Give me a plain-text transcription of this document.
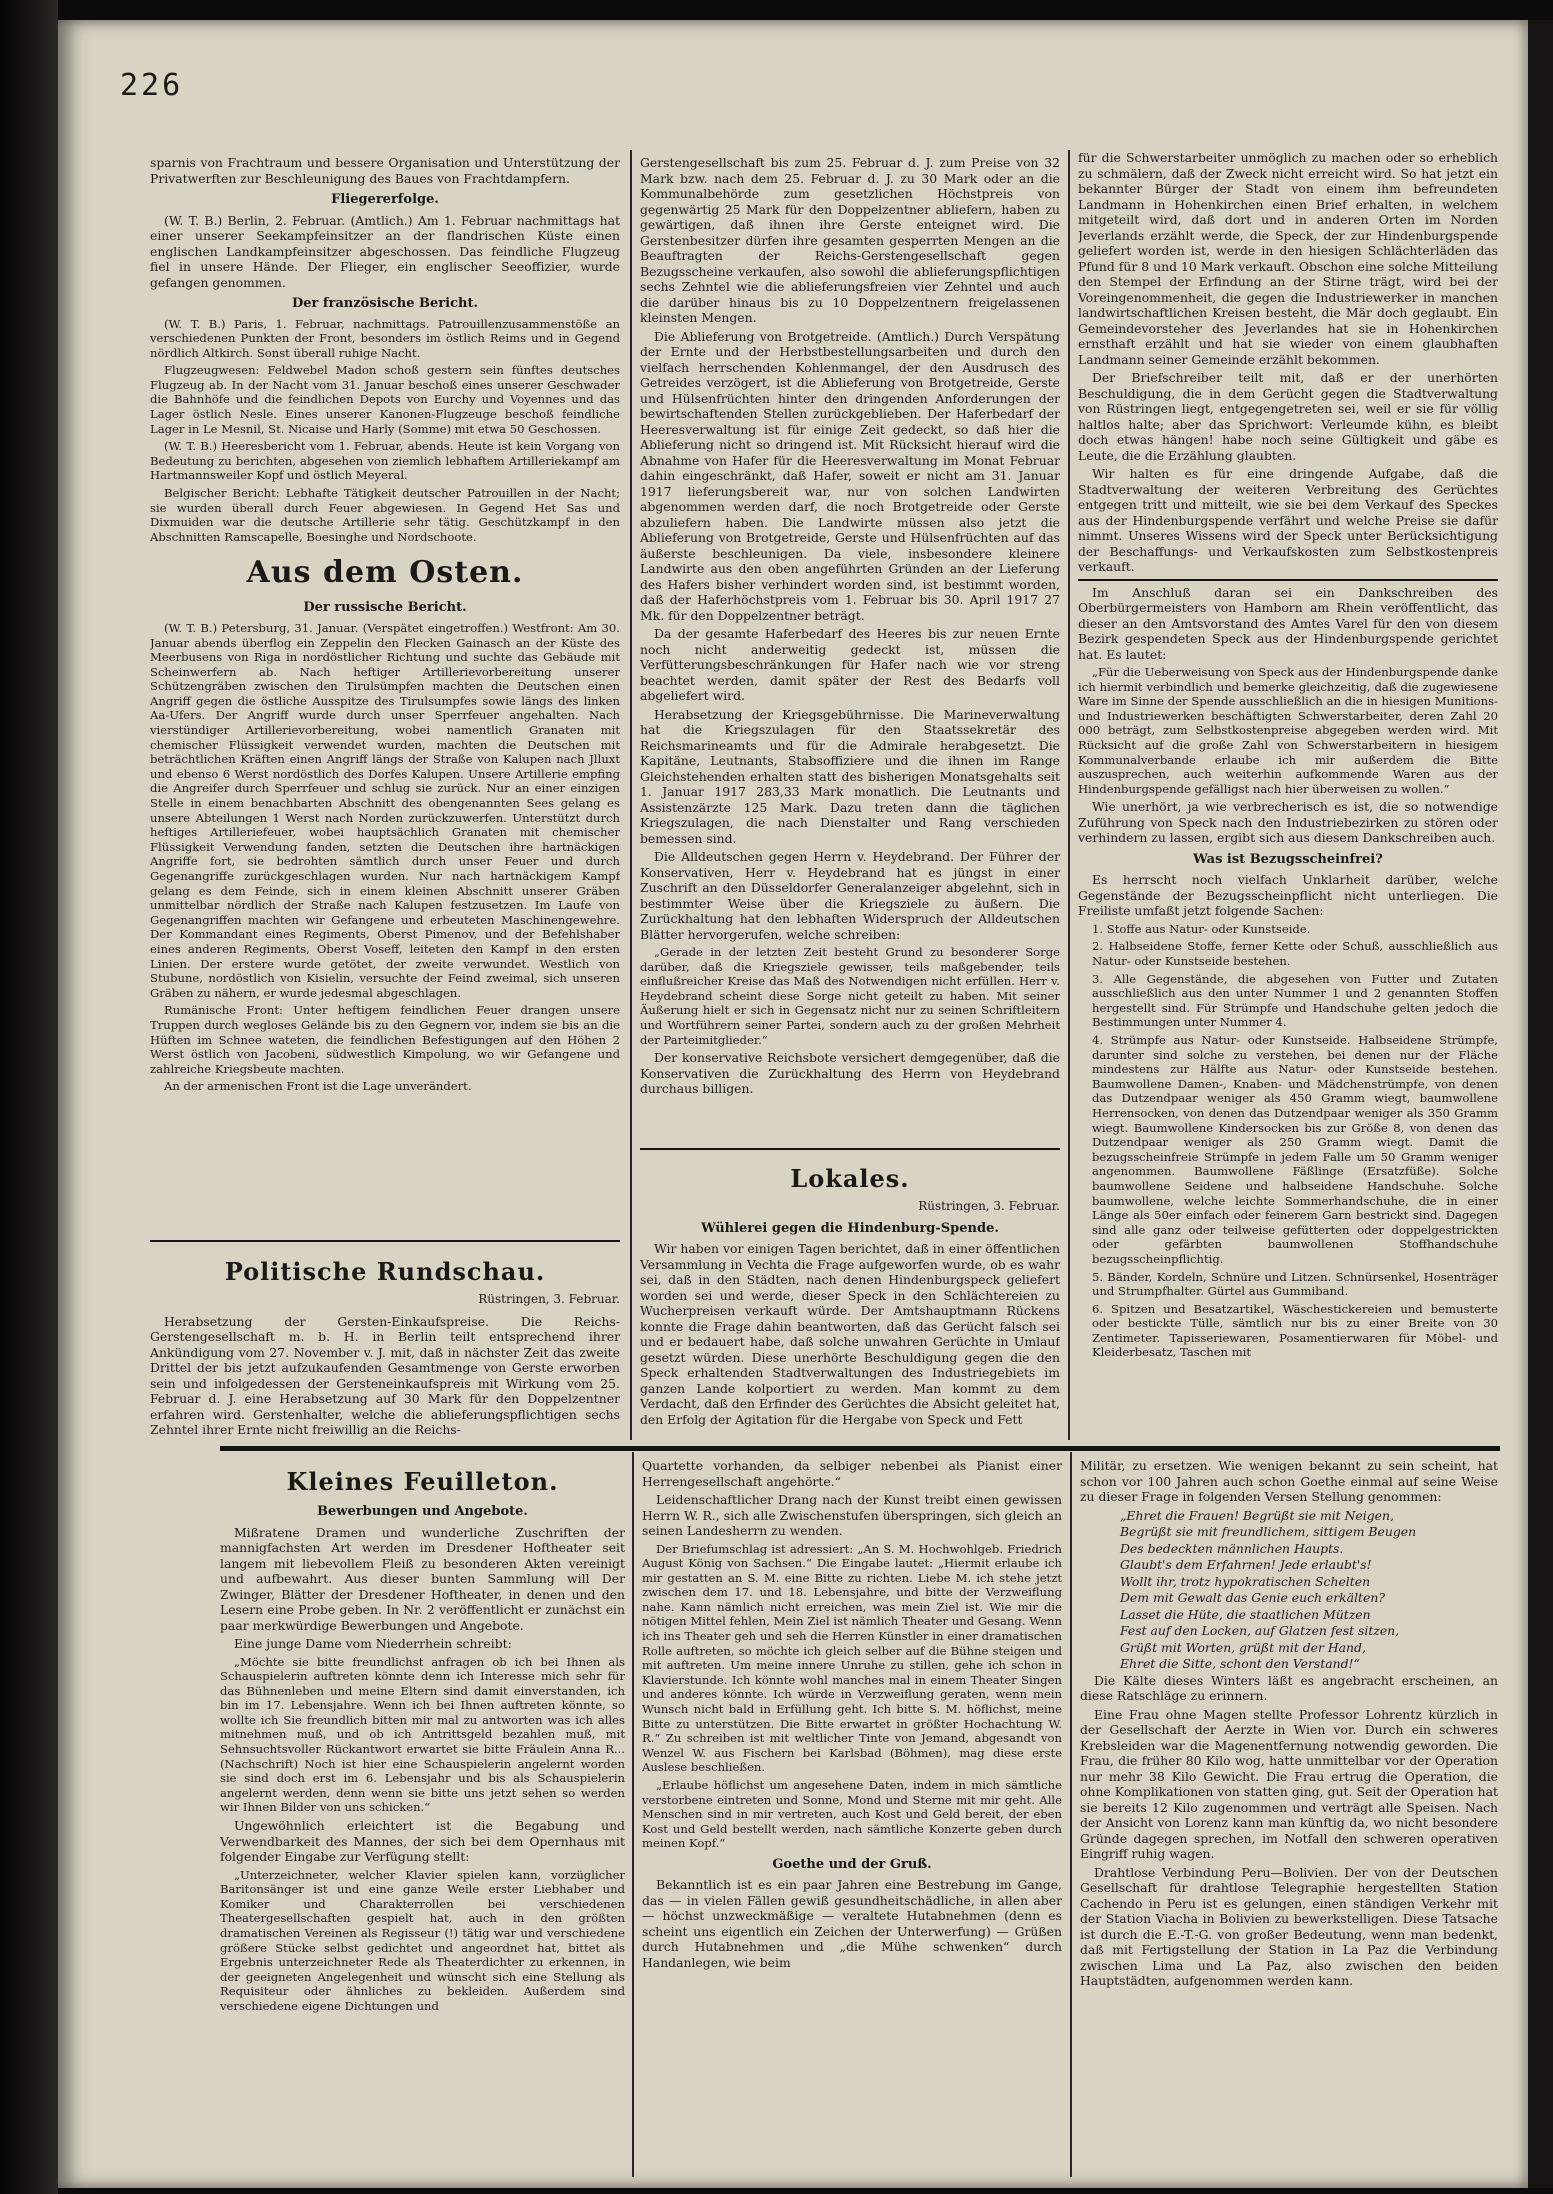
226

sparnis von Frachtraum und bessere Organisation und Unterstützung der Privatwerften zur Beschleunigung des Baues von Frachtdampfern.

Fliegererfolge.

(W. T. B.) Berlin, 2. Februar. (Amtlich.) Am 1. Februar nachmittags hat einer unserer Seekampfeinsitzer an der flandrischen Küste einen englischen Landkampfeinsitzer abgeschossen. Das feindliche Flugzeug fiel in unsere Hände. Der Flieger, ein englischer Seeoffizier, wurde gefangen genommen.

Der französische Bericht.

(W. T. B.) Paris, 1. Februar, nachmittags. Patrouillenzusammenstöße an verschiedenen Punkten der Front, besonders im östlich Reims und in Gegend nördlich Altkirch. Sonst überall ruhige Nacht.

Flugzeugwesen: Feldwebel Madon schoß gestern sein fünftes deutsches Flugzeug ab. In der Nacht vom 31. Januar beschoß eines unserer Geschwader die Bahnhöfe und die feindlichen Depots von Eurchy und Voyennes und das Lager östlich Nesle. Eines unserer Kanonen-Flugzeuge beschoß feindliche Lager in Le Mesnil, St. Nicaise und Harly (Somme) mit etwa 50 Geschossen.

(W. T. B.) Heeresbericht vom 1. Februar, abends. Heute ist kein Vorgang von Bedeutung zu berichten, abgesehen von ziemlich lebhaftem Artilleriekampf am Hartmannsweiler Kopf und östlich Meyeral.

Belgischer Bericht: Lebhafte Tätigkeit deutscher Patrouillen in der Nacht; sie wurden überall durch Feuer abgewiesen. In Gegend Het Sas und Dixmuiden war die deutsche Artillerie sehr tätig. Geschützkampf in den Abschnitten Ramscapelle, Boesinghe und Nordschoote.

Aus dem Osten.
Der russische Bericht.

(W. T. B.) Petersburg, 31. Januar. (Verspätet eingetroffen.) Westfront: Am 30. Januar abends überflog ein Zeppelin den Flecken Gainasch an der Küste des Meerbusens von Riga in nordöstlicher Richtung und suchte das Gebäude mit Scheinwerfern ab. Nach heftiger Artillerievorbereitung unserer Schützengräben zwischen den Tirulsümpfen machten die Deutschen einen Angriff gegen die östliche Ausspitze des Tirulsumpfes sowie längs des linken Aa-Ufers. Der Angriff wurde durch unser Sperrfeuer angehalten. Nach vierstündiger Artillerievorbereitung, wobei namentlich Granaten mit chemischer Flüssigkeit verwendet wurden, machten die Deutschen mit beträchtlichen Kräften einen Angriff längs der Straße von Kalupen nach Jlluxt und ebenso 6 Werst nordöstlich des Dorfes Kalupen. Unsere Artillerie empfing die Angreifer durch Sperrfeuer und schlug sie zurück. Nur an einer einzigen Stelle in einem benachbarten Abschnitt des obengenannten Sees gelang es unsere Abteilungen 1 Werst nach Norden zurückzuwerfen. Unterstützt durch heftiges Artilleriefeuer, wobei hauptsächlich Granaten mit chemischer Flüssigkeit Verwendung fanden, setzten die Deutschen ihre hartnäckigen Angriffe fort, sie bedrohten sämtlich durch unser Feuer und durch Gegenangriffe zurückgeschlagen wurden. Nur nach hartnäckigem Kampf gelang es dem Feinde, sich in einem kleinen Abschnitt unserer Gräben unmittelbar nördlich der Straße nach Kalupen festzusetzen. Im Laufe von Gegenangriffen machten wir Gefangene und erbeuteten Maschinengewehre. Der Kommandant eines Regiments, Oberst Pimenov, und der Befehlshaber eines anderen Regiments, Oberst Voseff, leiteten den Kampf in den ersten Linien. Der erstere wurde getötet, der zweite verwundet. Westlich von Stubune, nordöstlich von Kisielin, versuchte der Feind zweimal, sich unseren Gräben zu nähern, er wurde jedesmal abgeschlagen.

Rumänische Front: Unter heftigem feindlichen Feuer drangen unsere Truppen durch wegloses Gelände bis zu den Gegnern vor, indem sie bis an die Hüften im Schnee wateten, die feindlichen Befestigungen auf den Höhen 2 Werst östlich von Jacobeni, südwestlich Kimpolung, wo wir Gefangene und zahlreiche Kriegsbeute machten.

An der armenischen Front ist die Lage unverändert.

Politische Rundschau.
Rüstringen, 3. Februar.

Herabsetzung der Gersten-Einkaufspreise. Die Reichs-Gerstengesellschaft m. b. H. in Berlin teilt entsprechend ihrer Ankündigung vom 27. November v. J. mit, daß in nächster Zeit das zweite Drittel der bis jetzt aufzukaufenden Gesamtmenge von Gerste erworben sein und infolgedessen der Gersteneinkaufspreis mit Wirkung vom 25. Februar d. J. eine Herabsetzung auf 30 Mark für den Doppelzentner erfahren wird. Gerstenhalter, welche die ablieferungspflichtigen sechs Zehntel ihrer Ernte nicht freiwillig an die Reichs-

Gerstengesellschaft bis zum 25. Februar d. J. zum Preise von 32 Mark bzw. nach dem 25. Februar d. J. zu 30 Mark oder an die Kommunalbehörde zum gesetzlichen Höchstpreis von gegenwärtig 25 Mark für den Doppelzentner abliefern, haben zu gewärtigen, daß ihnen ihre Gerste enteignet wird. Die Gerstenbesitzer dürfen ihre gesamten gesperrten Mengen an die Beauftragten der Reichs-Gerstengesellschaft gegen Bezugsscheine verkaufen, also sowohl die ablieferungspflichtigen sechs Zehntel wie die ablieferungsfreien vier Zehntel und auch die darüber hinaus bis zu 10 Doppelzentnern freigelassenen kleinsten Mengen.

Die Ablieferung von Brotgetreide. (Amtlich.) Durch Verspätung der Ernte und der Herbstbestellungsarbeiten und durch den vielfach herrschenden Kohlenmangel, der den Ausdrusch des Getreides verzögert, ist die Ablieferung von Brotgetreide, Gerste und Hülsenfrüchten hinter den dringenden Anforderungen der bewirtschaftenden Stellen zurückgeblieben. Der Haferbedarf der Heeresverwaltung ist für einige Zeit gedeckt, so daß hier die Ablieferung nicht so dringend ist. Mit Rücksicht hierauf wird die Abnahme von Hafer für die Heeresverwaltung im Monat Februar dahin eingeschränkt, daß Hafer, soweit er nicht am 31. Januar 1917 lieferungsbereit war, nur von solchen Landwirten abgenommen werden darf, die noch Brotgetreide oder Gerste abzuliefern haben. Die Landwirte müssen also jetzt die Ablieferung von Brotgetreide, Gerste und Hülsenfrüchten auf das äußerste beschleunigen. Da viele, insbesondere kleinere Landwirte aus den oben angeführten Gründen an der Lieferung des Hafers bisher verhindert worden sind, ist bestimmt worden, daß der Haferhöchstpreis vom 1. Februar bis 30. April 1917 27 Mk. für den Doppelzentner beträgt.

Da der gesamte Haferbedarf des Heeres bis zur neuen Ernte noch nicht anderweitig gedeckt ist, müssen die Verfütterungsbeschränkungen für Hafer nach wie vor streng beachtet werden, damit später der Rest des Bedarfs voll abgeliefert wird.

Herabsetzung der Kriegsgebührnisse. Die Marineverwaltung hat die Kriegszulagen für den Staatssekretär des Reichsmarineamts und für die Admirale herabgesetzt. Die Kapitäne, Leutnants, Stabsoffiziere und die ihnen im Range Gleichstehenden erhalten statt des bisherigen Monatsgehalts seit 1. Januar 1917 283,33 Mark monatlich. Die Leutnants und Assistenzärzte 125 Mark. Dazu treten dann die täglichen Kriegszulagen, die nach Dienstalter und Rang verschieden bemessen sind.

Die Alldeutschen gegen Herrn v. Heydebrand. Der Führer der Konservativen, Herr v. Heydebrand hat es jüngst in einer Zuschrift an den Düsseldorfer Generalanzeiger abgelehnt, sich in bestimmter Weise über die Kriegsziele zu äußern. Die Zurückhaltung hat den lebhaften Widerspruch der Alldeutschen Blätter hervorgerufen, welche schreiben:

„Gerade in der letzten Zeit besteht Grund zu besonderer Sorge darüber, daß die Kriegsziele gewisser, teils maßgebender, teils einflußreicher Kreise das Maß des Notwendigen nicht erfüllen. Herr v. Heydebrand scheint diese Sorge nicht geteilt zu haben. Mit seiner Äußerung hielt er sich in Gegensatz nicht nur zu seinen Schriftleitern und Wortführern seiner Partei, sondern auch zu der großen Mehrheit der Parteimitglieder.“

Der konservative Reichsbote versichert demgegenüber, daß die Konservativen die Zurückhaltung des Herrn von Heydebrand durchaus billigen.

Lokales.
Rüstringen, 3. Februar.
Wühlerei gegen die Hindenburg-Spende.

Wir haben vor einigen Tagen berichtet, daß in einer öffentlichen Versammlung in Vechta die Frage aufgeworfen wurde, ob es wahr sei, daß in den Städten, nach denen Hindenburgspeck geliefert worden sei und werde, dieser Speck in den Schlächtereien zu Wucherpreisen verkauft würde. Der Amtshauptmann Rückens konnte die Frage dahin beantworten, daß das Gerücht falsch sei und er bedauert habe, daß solche unwahren Gerüchte in Umlauf gesetzt würden. Diese unerhörte Beschuldigung gegen die den Speck erhaltenden Stadtverwaltungen des Industriegebiets im ganzen Lande kolportiert zu werden. Man kommt zu dem Verdacht, daß den Erfinder des Gerüchtes die Absicht geleitet hat, den Erfolg der Agitation für die Hergabe von Speck und Fett

für die Schwerstarbeiter unmöglich zu machen oder so erheblich zu schmälern, daß der Zweck nicht erreicht wird. So hat jetzt ein bekannter Bürger der Stadt von einem ihm befreundeten Landmann in Hohenkirchen einen Brief erhalten, in welchem mitgeteilt wird, daß dort und in anderen Orten im Norden Jeverlands erzählt werde, die Speck, der zur Hindenburgspende geliefert worden ist, werde in den hiesigen Schlächterläden das Pfund für 8 und 10 Mark verkauft. Obschon eine solche Mitteilung den Stempel der Erfindung an der Stirne trägt, wird bei der Voreingenommenheit, die gegen die Industriewerker in manchen landwirtschaftlichen Kreisen besteht, die Mär doch geglaubt. Ein Gemeindevorsteher des Jeverlandes hat sie in Hohenkirchen ernsthaft erzählt und hat sie wieder von einem glaubhaften Landmann seiner Gemeinde erzählt bekommen.

Der Briefschreiber teilt mit, daß er der unerhörten Beschuldigung, die in dem Gerücht gegen die Stadtverwaltung von Rüstringen liegt, entgegengetreten sei, weil er sie für völlig haltlos halte; aber das Sprichwort: Verleumde kühn, es bleibt doch etwas hängen! habe noch seine Gültigkeit und gäbe es Leute, die die Erzählung glaubten.

Wir halten es für eine dringende Aufgabe, daß die Stadtverwaltung der weiteren Verbreitung des Gerüchtes entgegen tritt und mitteilt, wie sie bei dem Verkauf des Speckes aus der Hindenburgspende verfährt und welche Preise sie dafür nimmt. Unseres Wissens wird der Speck unter Berücksichtigung der Beschaffungs- und Verkaufskosten zum Selbstkostenpreis verkauft.

Im Anschluß daran sei ein Dankschreiben des Oberbürgermeisters von Hamborn am Rhein veröffentlicht, das dieser an den Amtsvorstand des Amtes Varel für den von diesem Bezirk gespendeten Speck aus der Hindenburgspende gerichtet hat. Es lautet:

„Für die Ueberweisung von Speck aus der Hindenburgspende danke ich hiermit verbindlich und bemerke gleichzeitig, daß die zugewiesene Ware im Sinne der Spende ausschließlich an die in hiesigen Munitions- und Industriewerken beschäftigten Schwerstarbeiter, deren Zahl 20 000 beträgt, zum Selbstkostenpreise abgegeben werden wird. Mit Rücksicht auf die große Zahl von Schwerstarbeitern in hiesigem Kommunalverbande erlaube ich mir außerdem die Bitte auszusprechen, auch weiterhin aufkommende Waren aus der Hindenburgspende gefälligst nach hier überweisen zu wollen.“

Wie unerhört, ja wie verbrecherisch es ist, die so notwendige Zuführung von Speck nach den Industriebezirken zu stören oder verhindern zu lassen, ergibt sich aus diesem Dankschreiben auch.

Was ist Bezugsscheinfrei?

Es herrscht noch vielfach Unklarheit darüber, welche Gegenstände der Bezugsscheinpflicht nicht unterliegen. Die Freiliste umfaßt jetzt folgende Sachen:

1. Stoffe aus Natur- oder Kunstseide.

2. Halbseidene Stoffe, ferner Kette oder Schuß, ausschließlich aus Natur- oder Kunstseide bestehen.

3. Alle Gegenstände, die abgesehen von Futter und Zutaten ausschließlich aus den unter Nummer 1 und 2 genannten Stoffen hergestellt sind. Für Strümpfe und Handschuhe gelten jedoch die Bestimmungen unter Nummer 4.

4. Strümpfe aus Natur- oder Kunstseide. Halbseidene Strümpfe, darunter sind solche zu verstehen, bei denen nur der Fläche mindestens zur Hälfte aus Natur- oder Kunstseide bestehen. Baumwollene Damen-, Knaben- und Mädchenstrümpfe, von denen das Dutzendpaar weniger als 450 Gramm wiegt, baumwollene Herrensocken, von denen das Dutzendpaar weniger als 350 Gramm wiegt. Baumwollene Kindersocken bis zur Größe 8, von denen das Dutzendpaar weniger als 250 Gramm wiegt. Damit die bezugsscheinfreie Strümpfe in jedem Falle um 50 Gramm weniger angenommen. Baumwollene Fäßlinge (Ersatzfüße). Solche baumwollene Seidene und halbseidene Handschuhe. Solche baumwollene, welche leichte Sommerhandschuhe, die in einer Länge als 50er einfach oder feinerem Garn bestrickt sind. Dagegen sind alle ganz oder teilweise gefütterten oder doppelgestrickten oder gefärbten baumwollenen Stoffhandschuhe bezugsscheinpflichtig.

5. Bänder, Kordeln, Schnüre und Litzen. Schnürsenkel, Hosenträger und Strumpfhalter. Gürtel aus Gummiband.

6. Spitzen und Besatzartikel, Wäschestickereien und bemusterte oder bestickte Tülle, sämtlich nur bis zu einer Breite von 30 Zentimeter. Tapisseriewaren, Posamentierwaren für Möbel- und Kleiderbesatz, Taschen mit

Kleines Feuilleton.
Bewerbungen und Angebote.

Mißratene Dramen und wunderliche Zuschriften der mannigfachsten Art werden im Dresdener Hoftheater seit langem mit liebevollem Fleiß zu besonderen Akten vereinigt und aufbewahrt. Aus dieser bunten Sammlung will Der Zwinger, Blätter der Dresdener Hoftheater, in denen und den Lesern eine Probe geben. In Nr. 2 veröffentlicht er zunächst ein paar merkwürdige Bewerbungen und Angebote.

Eine junge Dame vom Niederrhein schreibt:

„Möchte sie bitte freundlichst anfragen ob ich bei Ihnen als Schauspielerin auftreten könnte denn ich Interesse mich sehr für das Bühnenleben und meine Eltern sind damit einverstanden, ich bin im 17. Lebensjahre. Wenn ich bei Ihnen auftreten könnte, so wollte ich Sie freundlich bitten mir mal zu antworten was ich alles mitnehmen muß, und ob ich Antrittsgeld bezahlen muß, mit Sehnsuchtsvoller Rückantwort erwartet sie bitte Fräulein Anna R... (Nachschrift) Noch ist hier eine Schauspielerin angelernt worden sie sind doch erst im 6. Lebensjahr und bis als Schauspielerin angelernt werden, denn wenn sie bitte uns jetzt sehen so werden wir Ihnen Bilder von uns schicken.“

Ungewöhnlich erleichtert ist die Begabung und Verwendbarkeit des Mannes, der sich bei dem Opernhaus mit folgender Eingabe zur Verfügung stellt:

„Unterzeichneter, welcher Klavier spielen kann, vorzüglicher Baritonsänger ist und eine ganze Weile erster Liebhaber und Komiker und Charakterrollen bei verschiedenen Theatergesellschaften gespielt hat, auch in den größten dramatischen Vereinen als Regisseur (!) tätig war und verschiedene größere Stücke selbst gedichtet und angeordnet hat, bittet als Ergebnis unterzeichneter Rede als Theaterdichter zu erkennen, in der geeigneten Angelegenheit und wünscht sich eine Stellung als Requisiteur oder ähnliches zu bekleiden. Außerdem sind verschiedene eigene Dichtungen und

Quartette vorhanden, da selbiger nebenbei als Pianist einer Herrengesellschaft angehörte.“

Leidenschaftlicher Drang nach der Kunst treibt einen gewissen Herrn W. R., sich alle Zwischenstufen überspringen, sich gleich an seinen Landesherrn zu wenden.

Der Briefumschlag ist adressiert: „An S. M. Hochwohlgeb. Friedrich August König von Sachsen.“ Die Eingabe lautet: „Hiermit erlaube ich mir gestatten an S. M. eine Bitte zu richten. Liebe M. ich stehe jetzt zwischen dem 17. und 18. Lebensjahre, und bitte der Verzweiflung nahe. Kann nämlich nicht erreichen, was mein Ziel ist. Wie mir die nötigen Mittel fehlen, Mein Ziel ist nämlich Theater und Gesang. Wenn ich ins Theater geh und seh die Herren Künstler in einer dramatischen Rolle auftreten, so möchte ich gleich selber auf die Bühne steigen und mit auftreten. Um meine innere Unruhe zu stillen, gehe ich schon in Klavierstunde. Ich könnte wohl manches mal in einem Theater Singen und anderes könnte. Ich würde in Verzweiflung geraten, wenn mein Wunsch nicht bald in Erfüllung geht. Ich bitte S. M. höflichst, meine Bitte zu unterstützen. Die Bitte erwartet in größter Hochachtung W. R.“ Zu schreiben ist mit weltlicher Tinte von Jemand, abgesandt von Wenzel W. aus Fischern bei Karlsbad (Böhmen), mag diese erste Auslese beschließen.

„Erlaube höflichst um angesehene Daten, indem in mich sämtliche verstorbene eintreten und Sonne, Mond und Sterne mit mir geht. Alle Menschen sind in mir vertreten, auch Kost und Geld bereit, der eben Kost und Geld bestellt werden, nach sämtliche Konzerte geben durch meinen Kopf.“

Goethe und der Gruß.

Bekanntlich ist es ein paar Jahren eine Bestrebung im Gange, das — in vielen Fällen gewiß gesundheitschädliche, in allen aber — höchst unzweckmäßige — veraltete Hutabnehmen (denn es scheint uns eigentlich ein Zeichen der Unterwerfung) — Grüßen durch Hutabnehmen und „die Mühe schwenken“ durch Handanlegen, wie beim

Militär, zu ersetzen. Wie wenigen bekannt zu sein scheint, hat schon vor 100 Jahren auch schon Goethe einmal auf seine Weise zu dieser Frage in folgenden Versen Stellung genommen:

„Ehret die Frauen! Begrüßt sie mit Neigen,

Begrüßt sie mit freundlichem, sittigem Beugen

Des bedeckten männlichen Haupts.

Glaubt's dem Erfahrnen! Jede erlaubt's!

Wollt ihr, trotz hypokratischen Schelten

Dem mit Gewalt das Genie euch erkälten?

Lasset die Hüte, die staatlichen Mützen

Fest auf den Locken, auf Glatzen fest sitzen,

Grüßt mit Worten, grüßt mit der Hand,

Ehret die Sitte, schont den Verstand!“

Die Kälte dieses Winters läßt es angebracht erscheinen, an diese Ratschläge zu erinnern.

Eine Frau ohne Magen stellte Professor Lohrentz kürzlich in der Gesellschaft der Aerzte in Wien vor. Durch ein schweres Krebsleiden war die Magenentfernung notwendig geworden. Die Frau, die früher 80 Kilo wog, hatte unmittelbar vor der Operation nur mehr 38 Kilo Gewicht. Die Frau ertrug die Operation, die ohne Komplikationen von statten ging, gut. Seit der Operation hat sie bereits 12 Kilo zugenommen und verträgt alle Speisen. Nach der Ansicht von Lorenz kann man künftig da, wo nicht besondere Gründe dagegen sprechen, im Notfall den schweren operativen Eingriff ruhig wagen.

Drahtlose Verbindung Peru—Bolivien. Der von der Deutschen Gesellschaft für drahtlose Telegraphie hergestellten Station Cachendo in Peru ist es gelungen, einen ständigen Verkehr mit der Station Viacha in Bolivien zu bewerkstelligen. Diese Tatsache ist durch die E.-T.-G. von großer Bedeutung, wenn man bedenkt, daß mit Fertigstellung der Station in La Paz die Verbindung zwischen Lima und La Paz, also zwischen den beiden Hauptstädten, aufgenommen werden kann.
